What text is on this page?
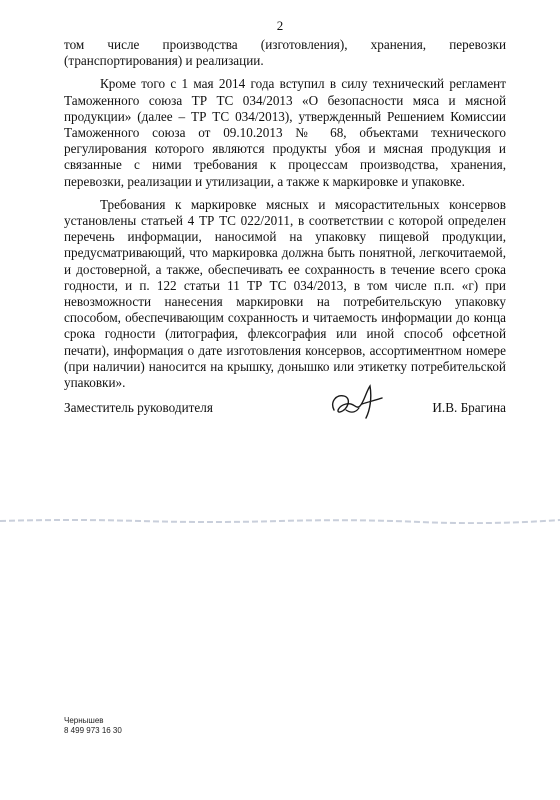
2

том числе производства (изготовления), хранения, перевозки (транспортирования) и реализации.

Кроме того с 1 мая 2014 года вступил в силу технический регламент Таможенного союза ТР ТС 034/2013 «О безопасности мяса и мясной продукции» (далее – ТР ТС 034/2013), утвержденный Решением Комиссии Таможенного союза от 09.10.2013 № 68, объектами технического регулирования которого являются продукты убоя и мясная продукция и связанные с ними требования к процессам производства, хранения, перевозки, реализации и утилизации, а также к маркировке и упаковке.

Требования к маркировке мясных и мясорастительных консервов установлены статьей 4 ТР ТС 022/2011, в соответствии с которой определен перечень информации, наносимой на упаковку пищевой продукции, предусматривающий, что маркировка должна быть понятной, легкочитаемой, и достоверной, а также, обеспечивать ее сохранность в течение всего срока годности, и п. 122 статьи 11 ТР ТС 034/2013, в том числе п.п. «г) при невозможности нанесения маркировки на потребительскую упаковку способом, обеспечивающим сохранность и читаемость информации до конца срока годности (литография, флексография или иной способ офсетной печати), информация о дате изготовления консервов, ассортиментном номере (при наличии) наносится на крышку, донышко или этикетку потребительской упаковки».

Заместитель руководителя	И.В. Брагина
Чернышев
8 499 973 16 30
